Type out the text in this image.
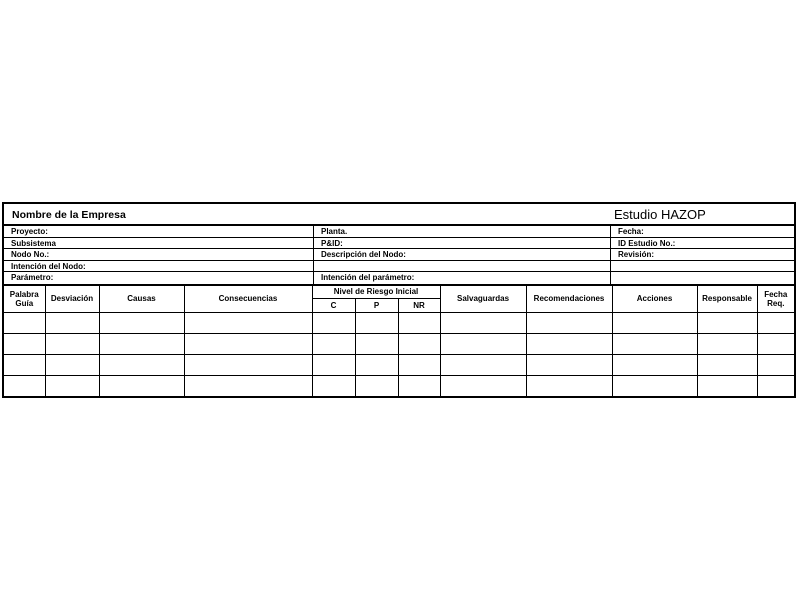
Nombre de la Empresa	Estudio HAZOP
Proyecto:	Planta.	Fecha:
Subsistema	P&ID:	ID Estudio No.:
Nodo No.:	Descripción del Nodo:	Revisión:
Intención del Nodo:
Parámetro:	Intención del parámetro:
Palabra Guía	Desviación	Causas	Consecuencias	Nivel de Riesgo Inicial			Salvaguardas	Recomendaciones	Acciones	Responsable	Fecha Req.
				C	P	NR					
